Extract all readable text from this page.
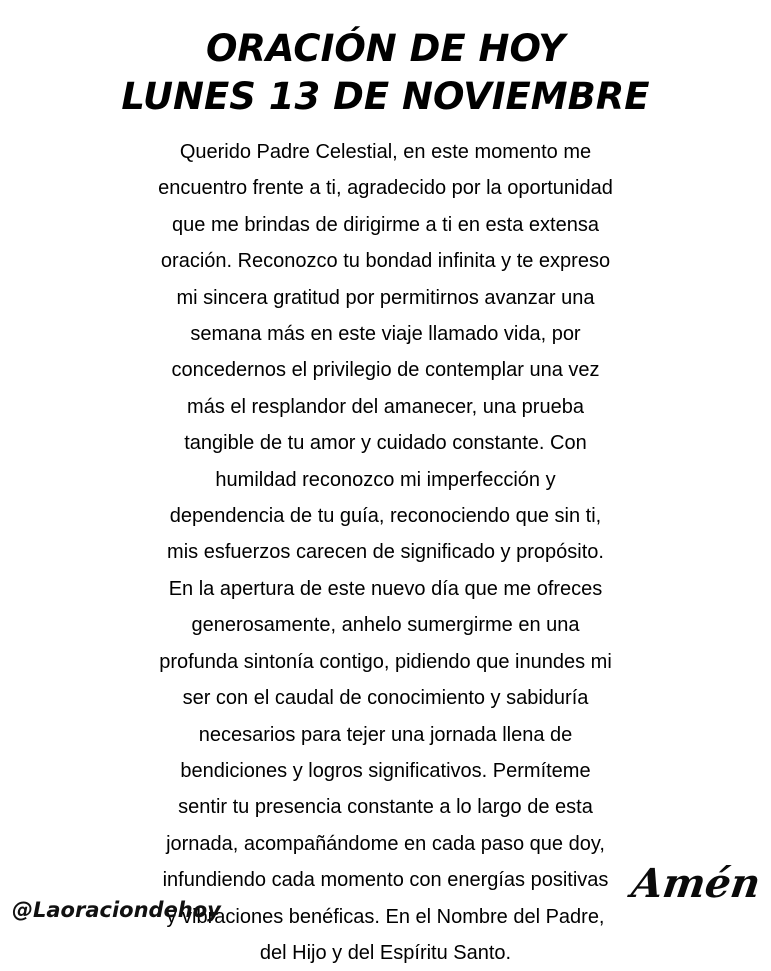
ORACIÓN DE HOY
LUNES 13 DE NOVIEMBRE
Querido Padre Celestial, en este momento me
encuentro frente a ti, agradecido por la oportunidad
que me brindas de dirigirme a ti en esta extensa
oración. Reconozco tu bondad infinita y te expreso
mi sincera gratitud por permitirnos avanzar una
semana más en este viaje llamado vida, por
concedernos el privilegio de contemplar una vez
más el resplandor del amanecer, una prueba
tangible de tu amor y cuidado constante. Con
humildad reconozco mi imperfección y
dependencia de tu guía, reconociendo que sin ti,
mis esfuerzos carecen de significado y propósito.
En la apertura de este nuevo día que me ofreces
generosamente, anhelo sumergirme en una
profunda sintonía contigo, pidiendo que inundes mi
ser con el caudal de conocimiento y sabiduría
necesarios para tejer una jornada llena de
bendiciones y logros significativos. Permíteme
sentir tu presencia constante a lo largo de esta
jornada, acompañándome en cada paso que doy,
infundiendo cada momento con energías positivas
y vibraciones benéficas. En el Nombre del Padre,
del Hijo y del Espíritu Santo.
@Laoraciondehoy
Amén
